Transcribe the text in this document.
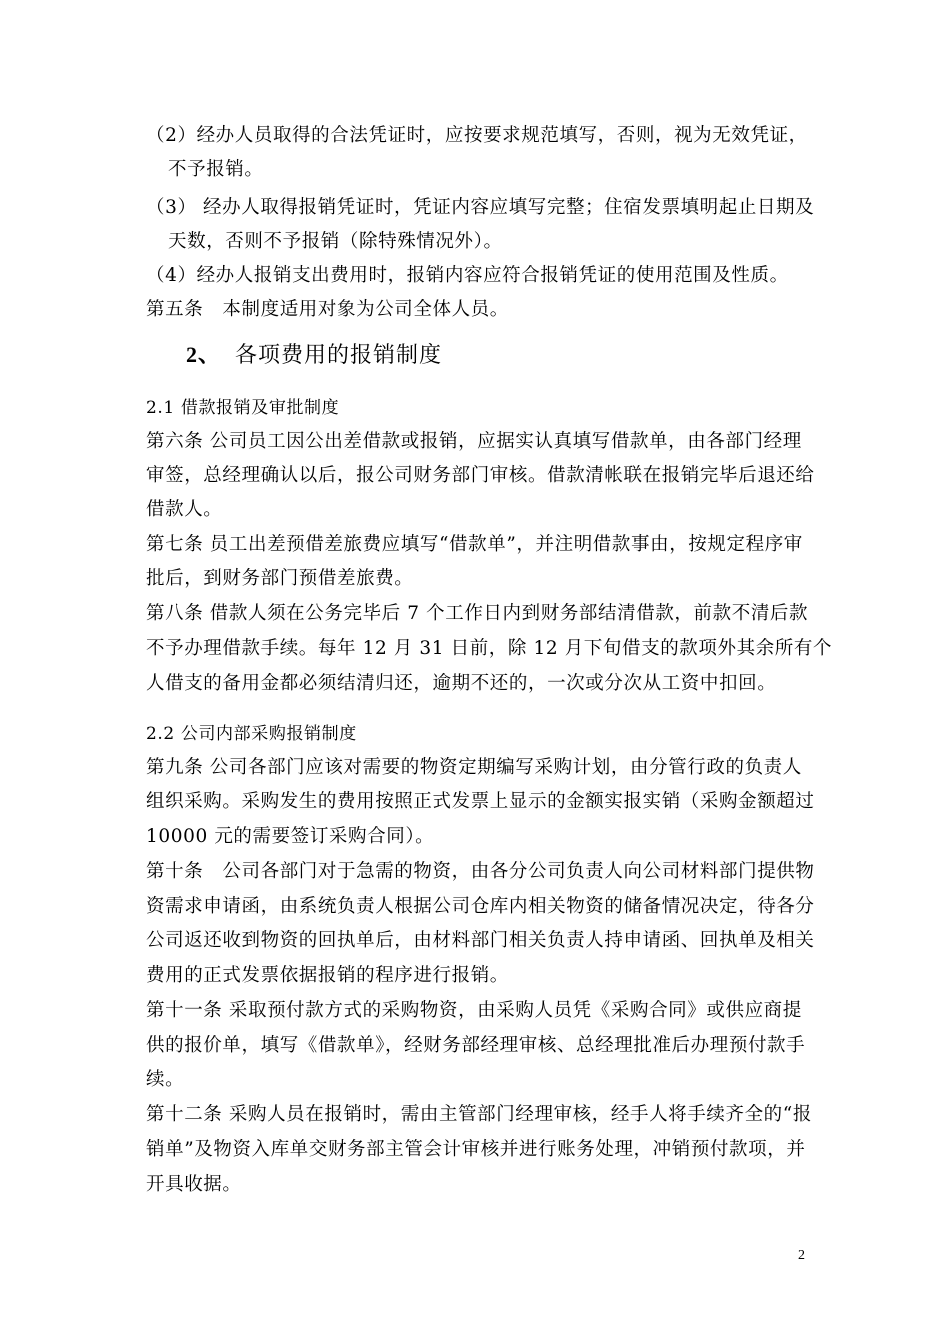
（2）经办人员取得的合法凭证时，应按要求规范填写，否则，视为无效凭证，
不予报销。
（3） 经办人取得报销凭证时，凭证内容应填写完整；住宿发票填明起止日期及
天数，否则不予报销（除特殊情况外）。
（4）经办人报销支出费用时，报销内容应符合报销凭证的使用范围及性质。
第五条　本制度适用对象为公司全体人员。
2、 各项费用的报销制度
2.1 借款报销及审批制度
第六条 公司员工因公出差借款或报销，应据实认真填写借款单，由各部门经理
审签，总经理确认以后，报公司财务部门审核。借款清帐联在报销完毕后退还给
借款人。
第七条 员工出差预借差旅费应填写“借款单”，并注明借款事由，按规定程序审
批后，到财务部门预借差旅费。
第八条 借款人须在公务完毕后 7 个工作日内到财务部结清借款，前款不清后款
不予办理借款手续。每年 12 月 31 日前，除 12 月下旬借支的款项外其余所有个
人借支的备用金都必须结清归还，逾期不还的，一次或分次从工资中扣回。
2.2 公司内部采购报销制度
第九条 公司各部门应该对需要的物资定期编写采购计划，由分管行政的负责人
组织采购。采购发生的费用按照正式发票上显示的金额实报实销（采购金额超过
10000 元的需要签订采购合同）。
第十条　公司各部门对于急需的物资，由各分公司负责人向公司材料部门提供物
资需求申请函，由系统负责人根据公司仓库内相关物资的储备情况决定，待各分
公司返还收到物资的回执单后，由材料部门相关负责人持申请函、回执单及相关
费用的正式发票依据报销的程序进行报销。
第十一条 采取预付款方式的采购物资，由采购人员凭《采购合同》或供应商提
供的报价单，填写《借款单》，经财务部经理审核、总经理批准后办理预付款手
续。
第十二条 采购人员在报销时，需由主管部门经理审核，经手人将手续齐全的“报
销单”及物资入库单交财务部主管会计审核并进行账务处理，冲销预付款项，并
开具收据。
2
